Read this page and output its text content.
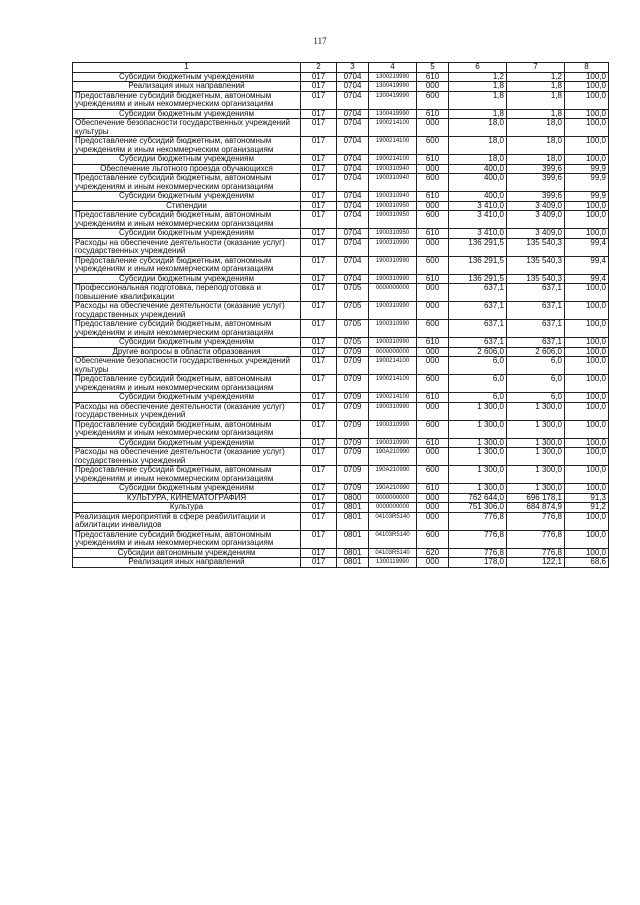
117
1	2	3	4	5	6	7	8
Субсидии бюджетным учреждениям	017	0704	1300219990	610	1,2	1,2	100,0
Реализация иных направлений	017	0704	1300419990	000	1,8	1,8	100,0
Предоставление субсидий бюджетным, автономным учреждениям и иным некоммерческим организациям	017	0704	1300419990	600	1,8	1,8	100,0
Субсидии бюджетным учреждениям	017	0704	1300419990	610	1,8	1,8	100,0
Обеспечение безопасности государственных учреждений культуры	017	0704	1900214100	000	18,0	18,0	100,0
Предоставление субсидий бюджетным, автономным учреждениям и иным некоммерческим организациям	017	0704	1900214100	600	18,0	18,0	100,0
Субсидии бюджетным учреждениям	017	0704	1900214100	610	18,0	18,0	100,0
Обеспечение льготного проезда обучающихся	017	0704	1900310940	000	400,0	399,6	99,9
Предоставление субсидий бюджетным, автономным учреждениям и иным некоммерческим организациям	017	0704	1900310940	600	400,0	399,6	99,9
Субсидии бюджетным учреждениям	017	0704	1900310940	610	400,0	399,6	99,9
Стипендии	017	0704	1900310950	000	3 410,0	3 409,0	100,0
Предоставление субсидий бюджетным, автономным учреждениям и иным некоммерческим организациям	017	0704	1900310950	600	3 410,0	3 409,0	100,0
Субсидии бюджетным учреждениям	017	0704	1900310950	610	3 410,0	3 409,0	100,0
Расходы на обеспечение деятельности (оказание услуг) государственных учреждений	017	0704	1900310990	000	136 291,5	135 540,3	99,4
Предоставление субсидий бюджетным, автономным учреждениям и иным некоммерческим организациям	017	0704	1900310990	600	136 291,5	135 540,3	99,4
Субсидии бюджетным учреждениям	017	0704	1900310990	610	136 291,5	135 540,3	99,4
Профессиональная подготовка, переподготовка и повышение квалификации	017	0705	0000000000	000	637,1	637,1	100,0
Расходы на обеспечение деятельности (оказание услуг) государственных учреждений	017	0705	1900310990	000	637,1	637,1	100,0
Предоставление субсидий бюджетным, автономным учреждениям и иным некоммерческим организациям	017	0705	1900310990	600	637,1	637,1	100,0
Субсидии бюджетным учреждениям	017	0705	1900310990	610	637,1	637,1	100,0
Другие вопросы в области образования	017	0709	0000000000	000	2 606,0	2 606,0	100,0
Обеспечение безопасности государственных учреждений культуры	017	0709	1900214100	000	6,0	6,0	100,0
Предоставление субсидий бюджетным, автономным учреждениям и иным некоммерческим организациям	017	0709	1900214100	600	6,0	6,0	100,0
Субсидии бюджетным учреждениям	017	0709	1900214100	610	6,0	6,0	100,0
Расходы на обеспечение деятельности (оказание услуг) государственных учреждений	017	0709	1900310990	000	1 300,0	1 300,0	100,0
Предоставление субсидий бюджетным, автономным учреждениям и иным некоммерческим организациям	017	0709	1900310990	600	1 300,0	1 300,0	100,0
Субсидии бюджетным учреждениям	017	0709	1900310990	610	1 300,0	1 300,0	100,0
Расходы на обеспечение деятельности (оказание услуг) государственных учреждений	017	0709	190A210990	000	1 300,0	1 300,0	100,0
Предоставление субсидий бюджетным, автономным учреждениям и иным некоммерческим организациям	017	0709	190A210990	600	1 300,0	1 300,0	100,0
Субсидии бюджетным учреждениям	017	0709	190A210990	610	1 300,0	1 300,0	100,0
КУЛЬТУРА, КИНЕМАТОГРАФИЯ	017	0800	0000000000	000	762 644,0	696 178,1	91,3
Культура	017	0801	0000000000	000	751 306,0	684 874,9	91,2
Реализация мероприятий в сфере реабилитации и абилитации инвалидов	017	0801	04103R5140	000	776,8	776,8	100,0
Предоставление субсидий бюджетным, автономным учреждениям и иным некоммерческим организациям	017	0801	04103R5140	600	776,8	776,8	100,0
Субсидии автономным учреждениям	017	0801	04103R5140	620	776,8	776,8	100,0
Реализация иных направлений	017	0801	1300119990	000	178,0	122,1	68,6
